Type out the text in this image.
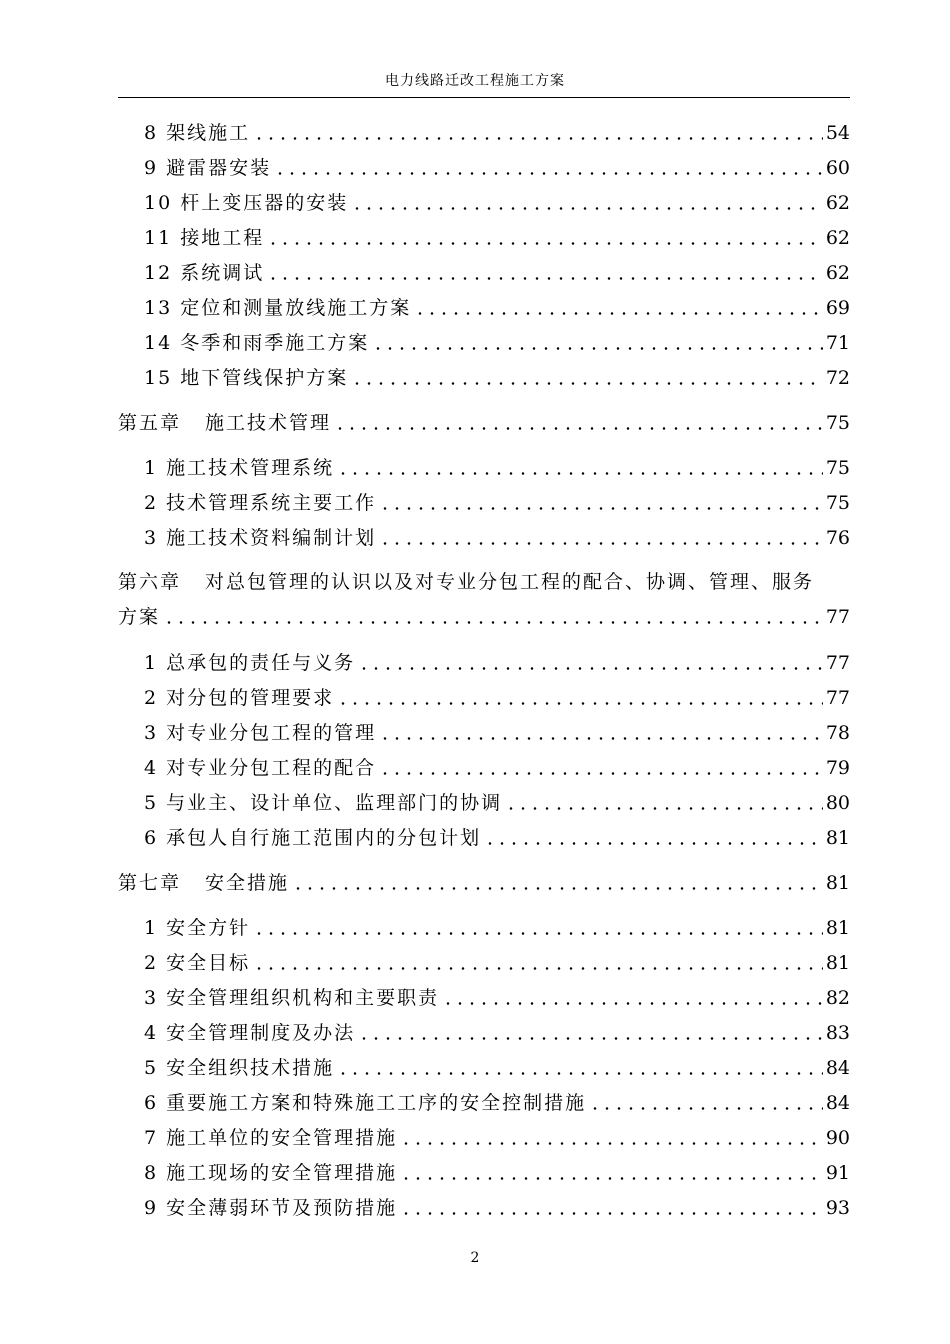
电力线路迁改工程施工方案
8 架线施工	54
9 避雷器安装	60
10 杆上变压器的安装	62
11 接地工程	62
12 系统调试	62
13 定位和测量放线施工方案	69
14 冬季和雨季施工方案	71
15 地下管线保护方案	72
第五章 施工技术管理	75
1 施工技术管理系统	75
2 技术管理系统主要工作	75
3 施工技术资料编制计划	76
第六章 对总包管理的认识以及对专业分包工程的配合、协调、管理、服务
方案	77
1 总承包的责任与义务	77
2 对分包的管理要求	77
3 对专业分包工程的管理	78
4 对专业分包工程的配合	79
5 与业主、设计单位、监理部门的协调	80
6 承包人自行施工范围内的分包计划	81
第七章 安全措施	81
1 安全方针	81
2 安全目标	81
3 安全管理组织机构和主要职责	82
4 安全管理制度及办法	83
5 安全组织技术措施	84
6 重要施工方案和特殊施工工序的安全控制措施	84
7 施工单位的安全管理措施	90
8 施工现场的安全管理措施	91
9 安全薄弱环节及预防措施	93
2
